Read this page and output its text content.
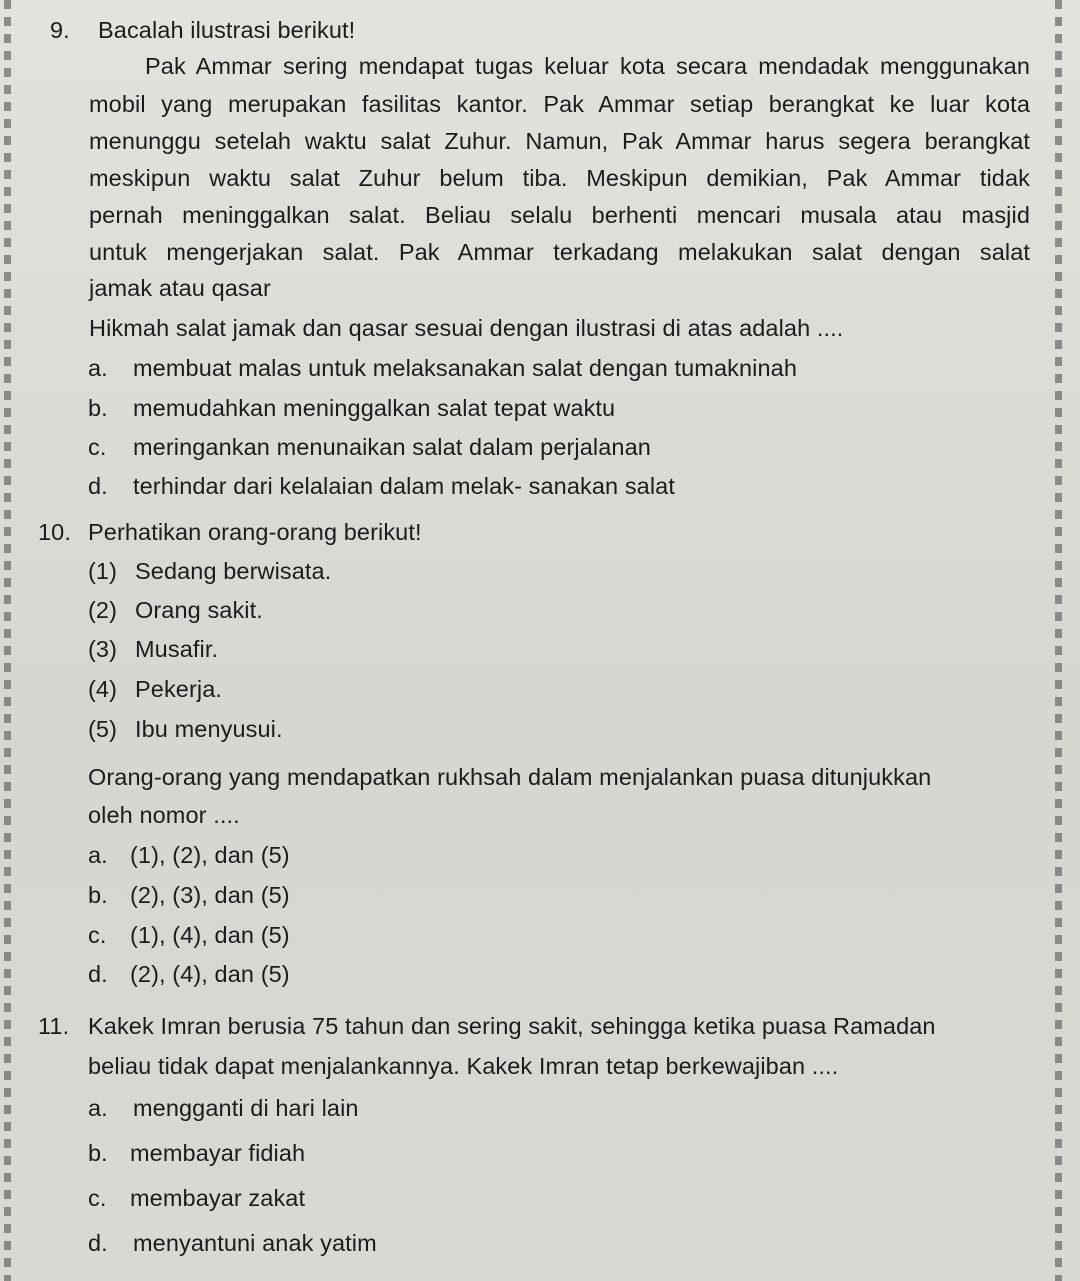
9. Bacalah ilustrasi berikut!
Pak Ammar sering mendapat tugas keluar kota secara mendadak menggunakan
mobil yang merupakan fasilitas kantor. Pak Ammar setiap berangkat ke luar kota
menunggu setelah waktu salat Zuhur. Namun, Pak Ammar harus segera berangkat
meskipun waktu salat Zuhur belum tiba. Meskipun demikian, Pak Ammar tidak
pernah meninggalkan salat. Beliau selalu berhenti mencari musala atau masjid
untuk mengerjakan salat. Pak Ammar terkadang melakukan salat dengan salat
jamak atau qasar
Hikmah salat jamak dan qasar sesuai dengan ilustrasi di atas adalah ....
a. membuat malas untuk melaksanakan salat dengan tumakninah
b. memudahkan meninggalkan salat tepat waktu
c. meringankan menunaikan salat dalam perjalanan
d. terhindar dari kelalaian dalam melak- sanakan salat
10. Perhatikan orang-orang berikut!
(1) Sedang berwisata.
(2) Orang sakit.
(3) Musafir.
(4) Pekerja.
(5) Ibu menyusui.
Orang-orang yang mendapatkan rukhsah dalam menjalankan puasa ditunjukkan
oleh nomor ....
a. (1), (2), dan (5)
b. (2), (3), dan (5)
c. (1), (4), dan (5)
d. (2), (4), dan (5)
11. Kakek Imran berusia 75 tahun dan sering sakit, sehingga ketika puasa Ramadan
beliau tidak dapat menjalankannya. Kakek Imran tetap berkewajiban ....
a. mengganti di hari lain
b. membayar fidiah
c. membayar zakat
d. menyantuni anak yatim
